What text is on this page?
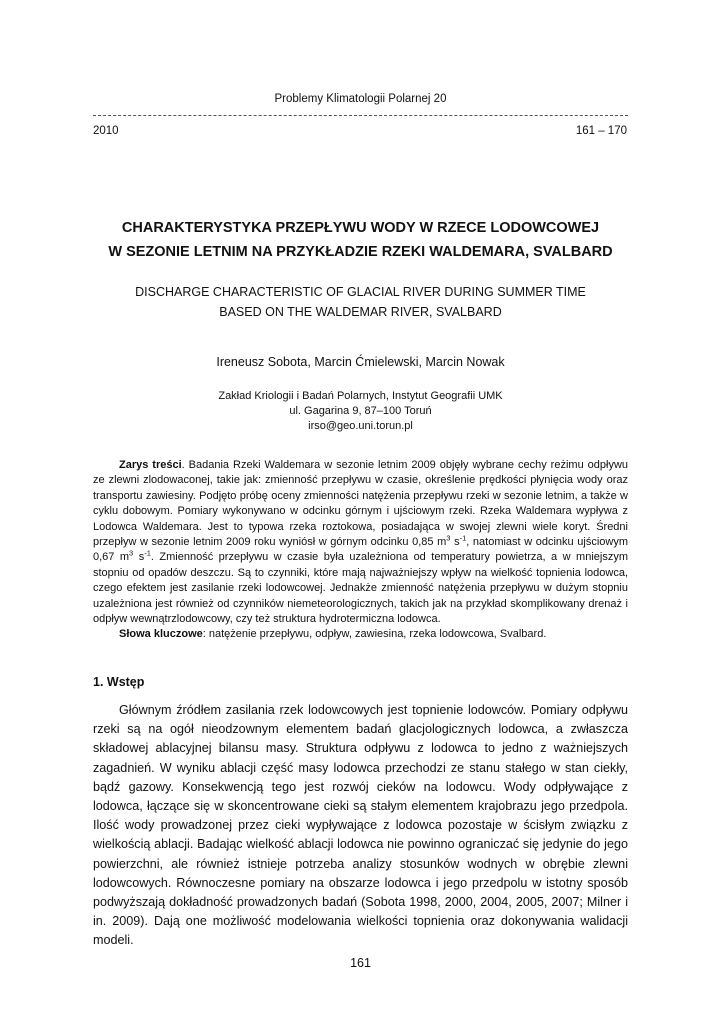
Problemy Klimatologii Polarnej 20
2010	161 – 170
CHARAKTERYSTYKA PRZEPŁYWU WODY W RZECE LODOWCOWEJ
W SEZONIE LETNIM NA PRZYKŁADZIE RZEKI WALDEMARA, SVALBARD
DISCHARGE CHARACTERISTIC OF GLACIAL RIVER DURING SUMMER TIME
BASED ON THE WALDEMAR RIVER, SVALBARD
Ireneusz Sobota, Marcin Ćmielewski, Marcin Nowak
Zakład Kriologii i Badań Polarnych, Instytut Geografii UMK
ul. Gagarina 9, 87–100 Toruń
irso@geo.uni.torun.pl

Zarys treści. Badania Rzeki Waldemara w sezonie letnim 2009 objęły wybrane cechy reżimu odpływu ze zlewni zlodowaconej, takie jak: zmienność przepływu w czasie, określenie prędkości płynięcia wody oraz transportu zawiesiny. Podjęto próbę oceny zmienności natężenia przepływu rzeki w sezonie letnim, a także w cyklu dobowym. Pomiary wykonywano w odcinku górnym i ujściowym rzeki. Rzeka Waldemara wypływa z Lodowca Waldemara. Jest to typowa rzeka roztokowa, posiadająca w swojej zlewni wiele koryt. Średni przepływ w sezonie letnim 2009 roku wyniósł w górnym odcinku 0,85 $m^3$ $s^{-1}$, natomiast w odcinku ujściowym 0,67 $m^3$ $s^{-1}$. Zmienność przepływu w czasie była uzależniona od temperatury powietrza, a w mniejszym stopniu od opadów deszczu. Są to czynniki, które mają najważniejszy wpływ na wielkość topnienia lodowca, czego efektem jest zasilanie rzeki lodowcowej. Jednakże zmienność natężenia przepływu w dużym stopniu uzależniona jest również od czynników niemeteorologicznych, takich jak na przykład skomplikowany drenaż i odpływ wewnątrzlodowcowy, czy też struktura hydrotermiczna lodowca.

Słowa kluczowe: natężenie przepływu, odpływ, zawiesina, rzeka lodowcowa, Svalbard.

1. Wstęp

Głównym źródłem zasilania rzek lodowcowych jest topnienie lodowców. Pomiary odpływu rzeki są na ogół nieodzownym elementem badań glacjologicznych lodowca, a zwłaszcza składowej ablacyjnej bilansu masy. Struktura odpływu z lodowca to jedno z ważniejszych zagadnień. W wyniku ablacji część masy lodowca przechodzi ze stanu stałego w stan ciekły, bądź gazowy. Konsekwencją tego jest rozwój cieków na lodowcu. Wody odpływające z lodowca, łączące się w skoncentrowane cieki są stałym elementem krajobrazu jego przedpola. Ilość wody prowadzonej przez cieki wypływające z lodowca pozostaje w ścisłym związku z wielkością ablacji. Badając wielkość ablacji lodowca nie powinno ograniczać się jedynie do jego powierzchni, ale również istnieje potrzeba analizy stosunków wodnych w obrębie zlewni lodowcowych. Równoczesne pomiary na obszarze lodowca i jego przedpolu w istotny sposób podwyższają dokładność prowadzonych badań (Sobota 1998, 2000, 2004, 2005, 2007; Milner i in. 2009). Dają one możliwość modelowania wielkości topnienia oraz dokonywania walidacji modeli.

161
